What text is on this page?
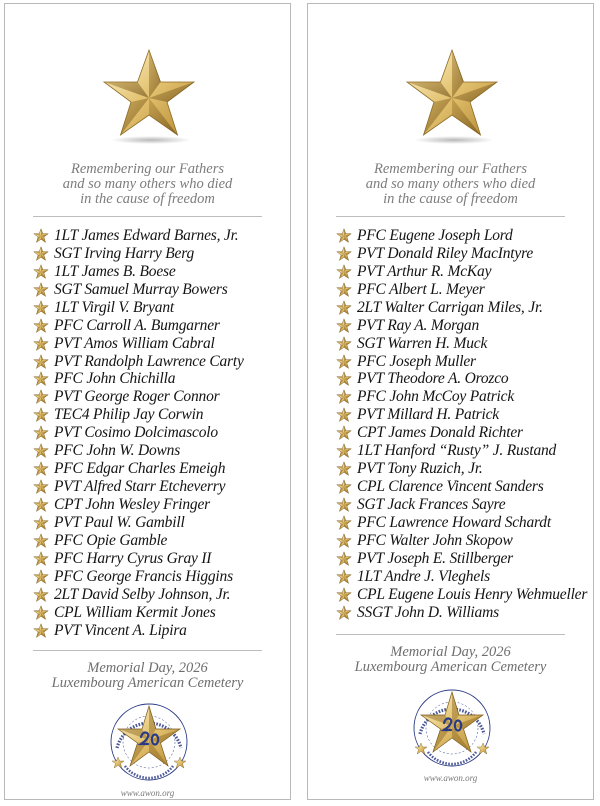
Remembering our Fathers
and so many others who died
in the cause of freedom
1LT James Edward Barnes, Jr.
SGT Irving Harry Berg
1LT James B. Boese
SGT Samuel Murray Bowers
1LT Virgil V. Bryant
PFC Carroll A. Bumgarner
PVT Amos William Cabral
PVT Randolph Lawrence Carty
PFC John Chichilla
PVT George Roger Connor
TEC4 Philip Jay Corwin
PVT Cosimo Dolcimascolo
PFC John W. Downs
PFC Edgar Charles Emeigh
PVT Alfred Starr Etcheverry
CPT John Wesley Fringer
PVT Paul W. Gambill
PFC Opie Gamble
PFC Harry Cyrus Gray II
PFC George Francis Higgins
2LT David Selby Johnson, Jr.
CPL William Kermit Jones
PVT Vincent A. Lipira
Memorial Day, 2026
Luxembourg American Cemetery
www.awon.org
Remembering our Fathers
and so many others who died
in the cause of freedom
PFC Eugene Joseph Lord
PVT Donald Riley MacIntyre
PVT Arthur R. McKay
PFC Albert L. Meyer
2LT Walter Carrigan Miles, Jr.
PVT Ray A. Morgan
SGT Warren H. Muck
PFC Joseph Muller
PVT Theodore A. Orozco
PFC John McCoy Patrick
PVT Millard H. Patrick
CPT James Donald Richter
1LT Hanford “Rusty” J. Rustand
PVT Tony Ruzich, Jr.
CPL Clarence Vincent Sanders
SGT Jack Frances Sayre
PFC Lawrence Howard Schardt
PFC Walter John Skopow
PVT Joseph E. Stillberger
1LT Andre J. Vleghels
CPL Eugene Louis Henry Wehmueller
SSGT John D. Williams
Memorial Day, 2026
Luxembourg American Cemetery
www.awon.org
